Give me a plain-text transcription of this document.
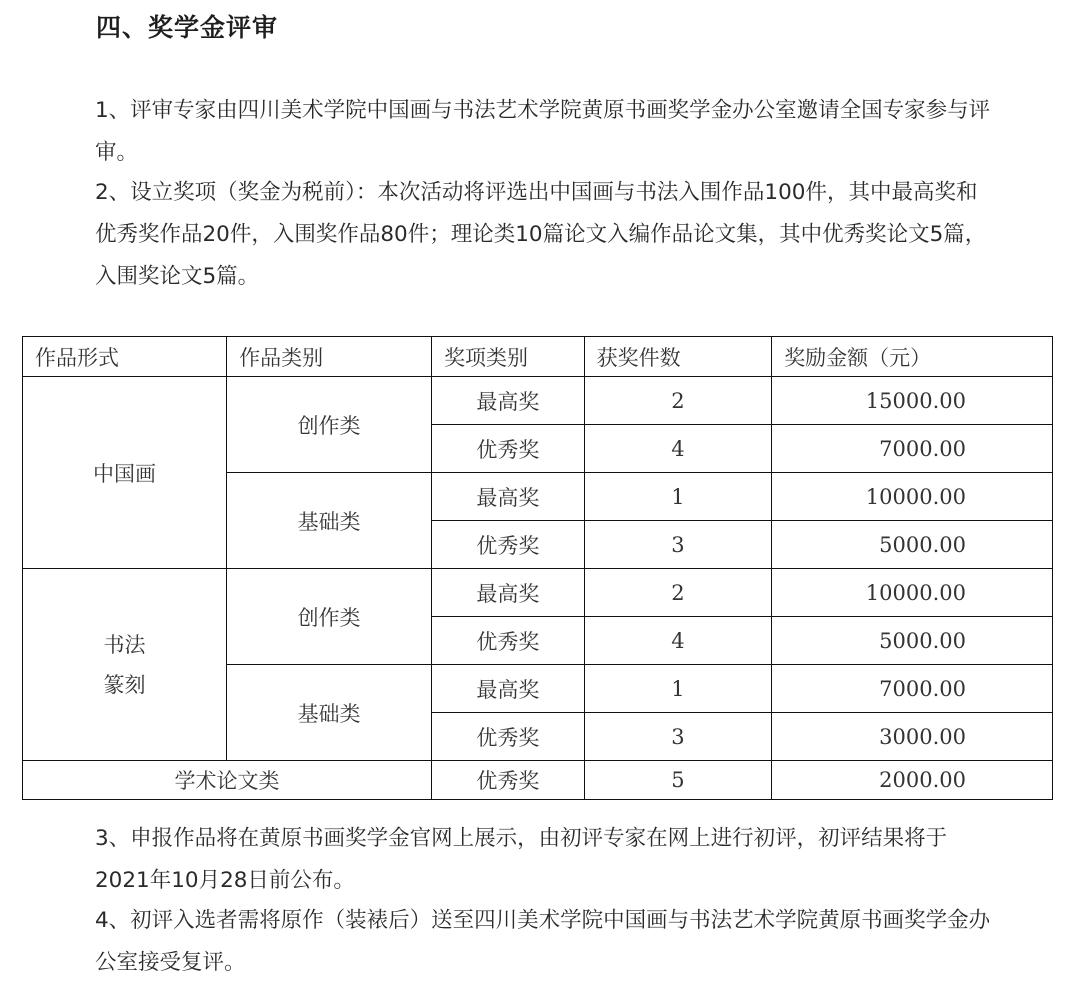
四、奖学金评审

1、评审专家由四川美术学院中国画与书法艺术学院黄原书画奖学金办公室邀请全国专家参与评审。

2、设立奖项（奖金为税前）：本次活动将评选出中国画与书法入围作品100件，其中最高奖和优秀奖作品20件，入围奖作品80件；理论类10篇论文入编作品论文集，其中优秀奖论文5篇，入围奖论文5篇。

作品形式	作品类别	奖项类别	获奖件数	奖励金额（元）
中国画	创作类	最高奖	2	15000.00
		优秀奖	4	7000.00
	基础类	最高奖	1	10000.00
		优秀奖	3	5000.00

书法
篆刻	创作类	最高奖	2	10000.00
		优秀奖	4	5000.00
	基础类	最高奖	1	7000.00
		优秀奖	3	3000.00
学术论文类		优秀奖	5	2000.00

3、申报作品将在黄原书画奖学金官网上展示，由初评专家在网上进行初评，初评结果将于2021年10月28日前公布。

4、初评入选者需将原作（装裱后）送至四川美术学院中国画与书法艺术学院黄原书画奖学金办公室接受复评。
